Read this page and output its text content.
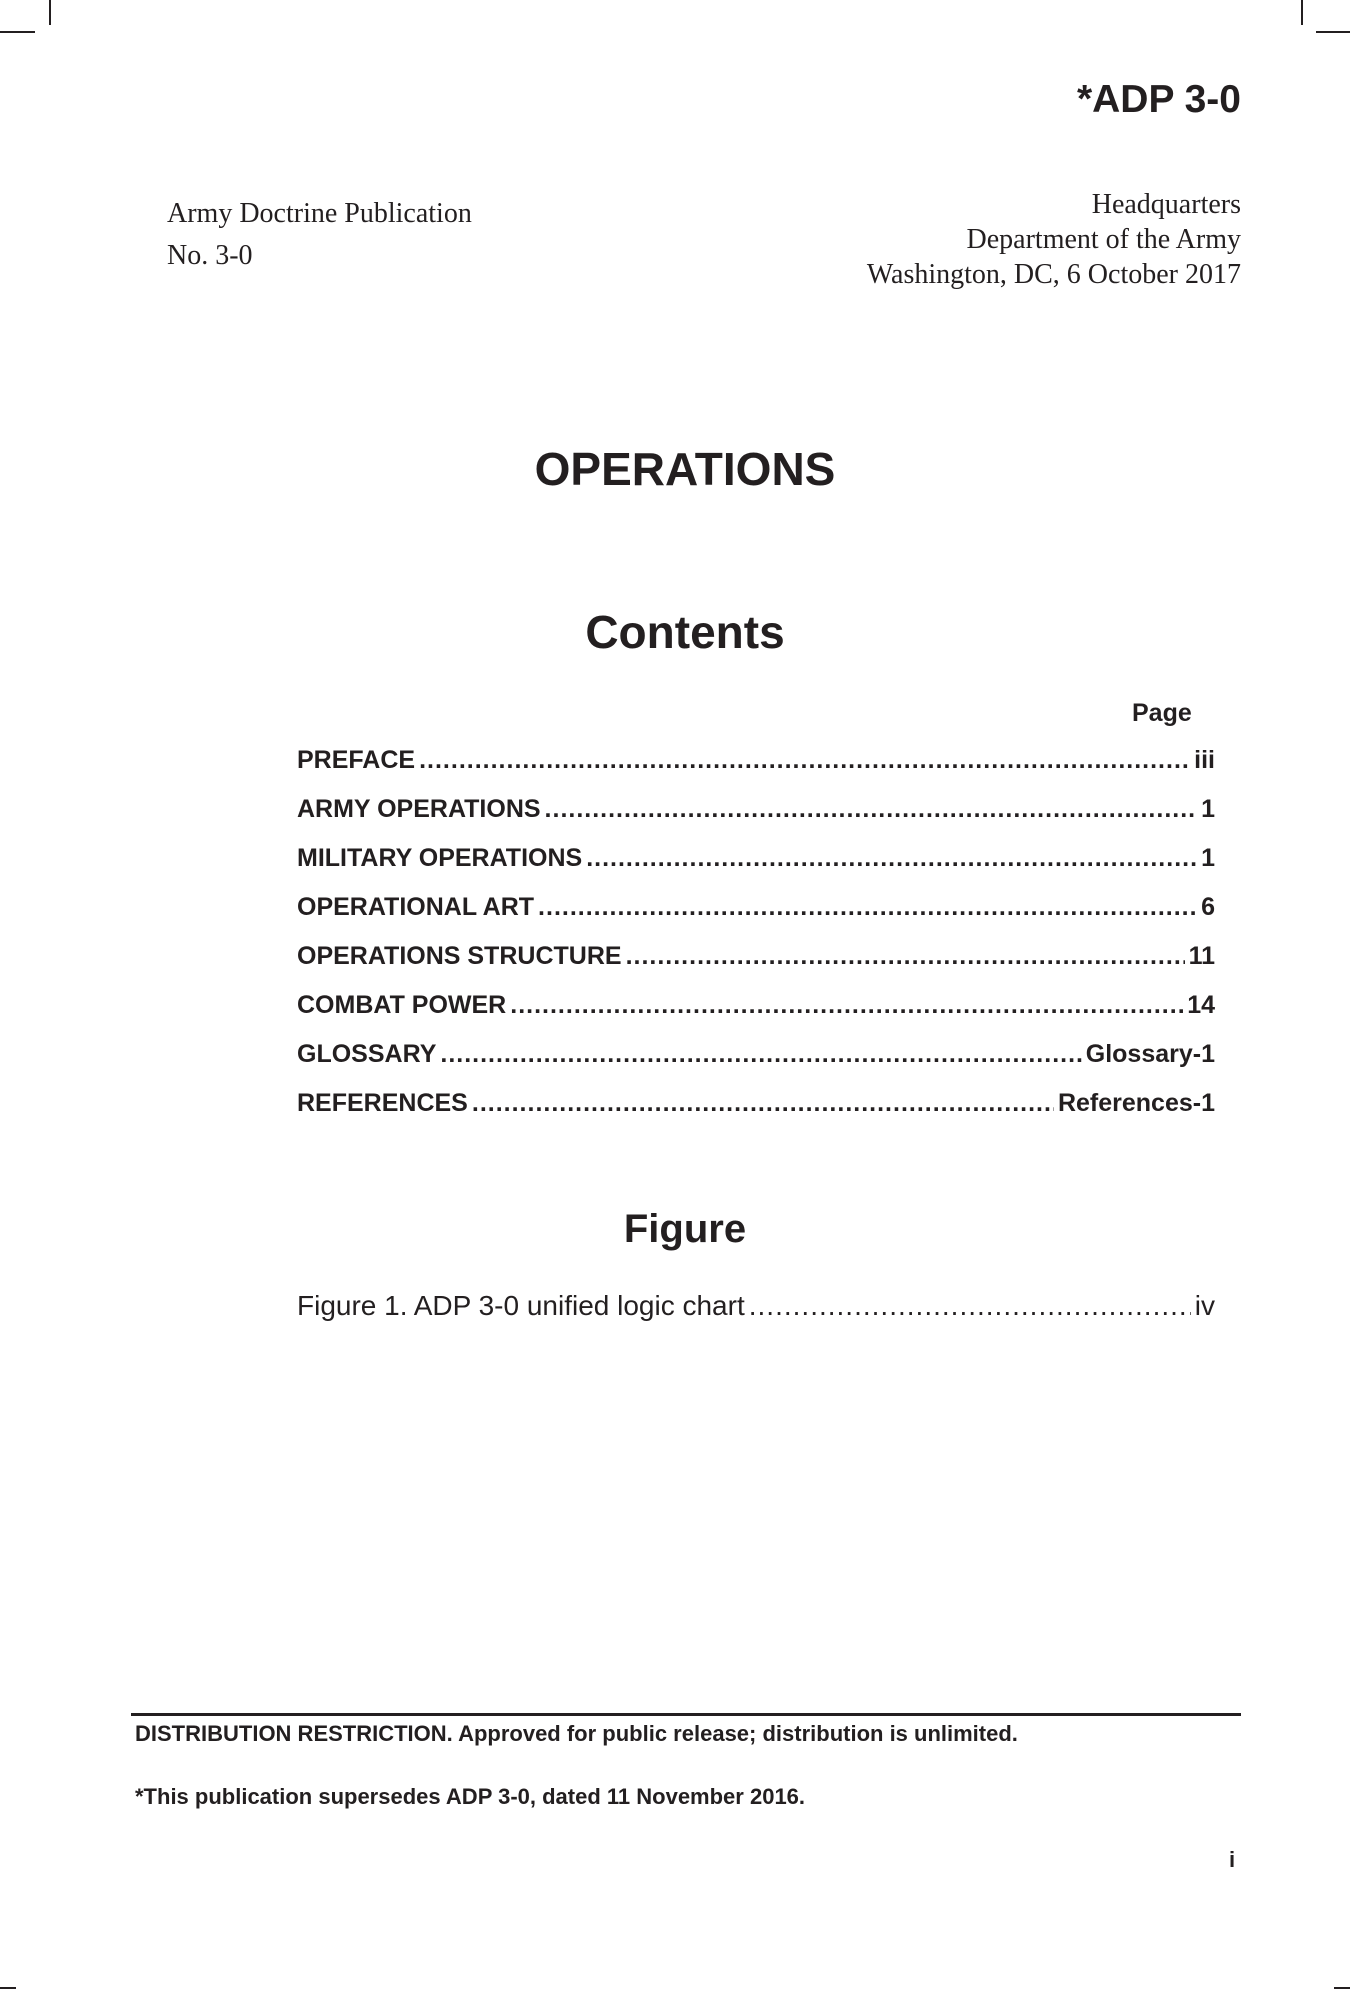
*ADP 3-0
Army Doctrine Publication
No. 3-0
Headquarters
Department of the Army
Washington, DC, 6 October 2017
OPERATIONS
Contents
Page
PREFACE .....	iii
ARMY OPERATIONS .....	1
MILITARY OPERATIONS .....	1
OPERATIONAL ART .....	6
OPERATIONS STRUCTURE .....	11
COMBAT POWER .....	14
GLOSSARY .....	Glossary-1
REFERENCES .....	References-1
Figure
Figure 1. ADP 3-0 unified logic chart .....	iv
DISTRIBUTION RESTRICTION. Approved for public release; distribution is unlimited.
*This publication supersedes ADP 3-0, dated 11 November 2016.
i
